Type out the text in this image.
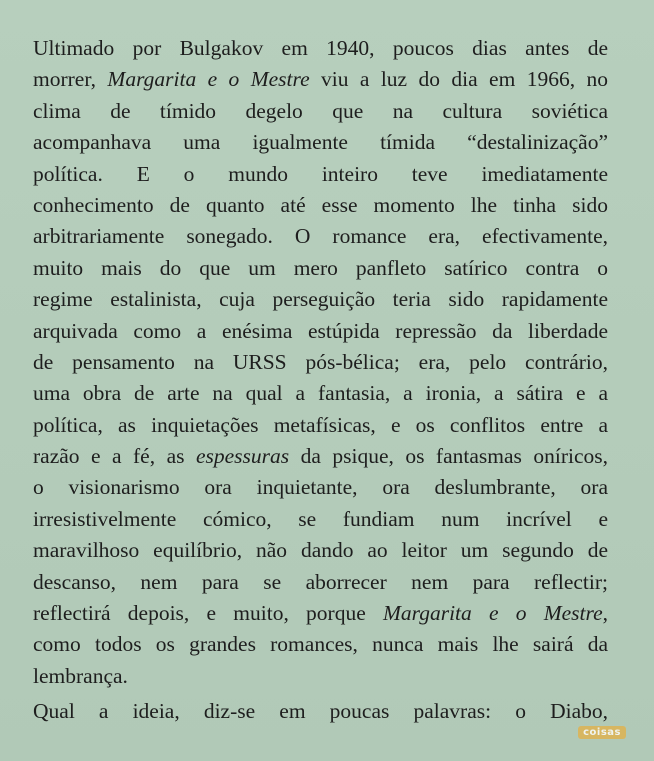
Ultimado por Bulgakov em 1940, poucos dias antes de
morrer, Margarita e o Mestre viu a luz do dia em 1966, no
clima de tímido degelo que na cultura soviética
acompanhava uma igualmente tímida “destalinização”
política. E o mundo inteiro teve imediatamente
conhecimento de quanto até esse momento lhe tinha sido
arbitrariamente sonegado. O romance era, efectivamente,
muito mais do que um mero panfleto satírico contra o
regime estalinista, cuja perseguição teria sido rapidamente
arquivada como a enésima estúpida repressão da liberdade
de pensamento na URSS pós-bélica; era, pelo contrário,
uma obra de arte na qual a fantasia, a ironia, a sátira e a
política, as inquietações metafísicas, e os conflitos entre a
razão e a fé, as espessuras da psique, os fantasmas oníricos,
o visionarismo ora inquietante, ora deslumbrante, ora
irresistivelmente cómico, se fundiam num incrível e
maravilhoso equilíbrio, não dando ao leitor um segundo de
descanso, nem para se aborrecer nem para reflectir;
reflectirá depois, e muito, porque Margarita e o Mestre,
como todos os grandes romances, nunca mais lhe sairá da
lembrança.
Qual a ideia, diz-se em poucas palavras: o Diabo,
coisas
